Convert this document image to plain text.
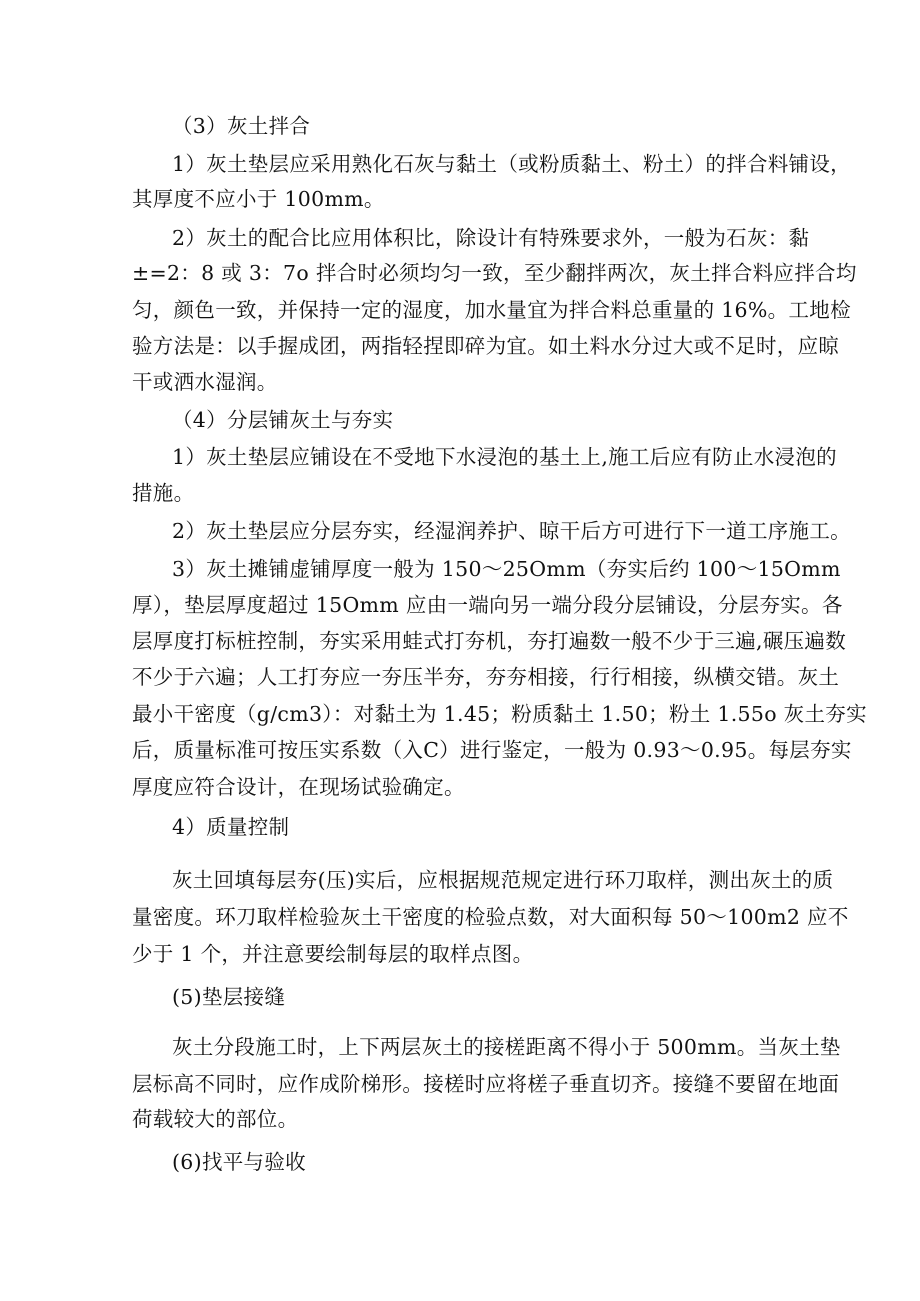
（3）灰土拌合
1）灰土垫层应采用熟化石灰与黏土（或粉质黏土、粉土）的拌合料铺设，
其厚度不应小于 100mm。
2）灰土的配合比应用体积比，除设计有特殊要求外，一般为石灰：黏
±=2：8 或 3：7o 拌合时必须均匀一致，至少翻拌两次，灰土拌合料应拌合均
匀，颜色一致，并保持一定的湿度，加水量宜为拌合料总重量的 16%。工地检
验方法是：以手握成团，两指轻捏即碎为宜。如土料水分过大或不足时，应晾
干或洒水湿润。
（4）分层铺灰土与夯实
1）灰土垫层应铺设在不受地下水浸泡的基土上,施工后应有防止水浸泡的
措施。
2）灰土垫层应分层夯实，经湿润养护、晾干后方可进行下一道工序施工。
3）灰土摊铺虚铺厚度一般为 150～25Omm（夯实后约 100～15Omm
厚），垫层厚度超过 15Omm 应由一端向另一端分段分层铺设，分层夯实。各
层厚度打标桩控制，夯实采用蛙式打夯机，夯打遍数一般不少于三遍,碾压遍数
不少于六遍；人工打夯应一夯压半夯，夯夯相接，行行相接，纵横交错。灰土
最小干密度（g/cm3）：对黏土为 1.45；粉质黏土 1.50；粉土 1.55o 灰土夯实
后，质量标准可按压实系数（入C）进行鉴定，一般为 0.93～0.95。每层夯实
厚度应符合设计，在现场试验确定。
4）质量控制
灰土回填每层夯(压)实后，应根据规范规定进行环刀取样，测出灰土的质
量密度。环刀取样检验灰土干密度的检验点数，对大面积每 50～100m2 应不
少于 1 个，并注意要绘制每层的取样点图。
(5)垫层接缝
灰土分段施工时，上下两层灰土的接槎距离不得小于 500mm。当灰土垫
层标高不同时，应作成阶梯形。接槎时应将槎子垂直切齐。接缝不要留在地面
荷载较大的部位。
(6)找平与验收
